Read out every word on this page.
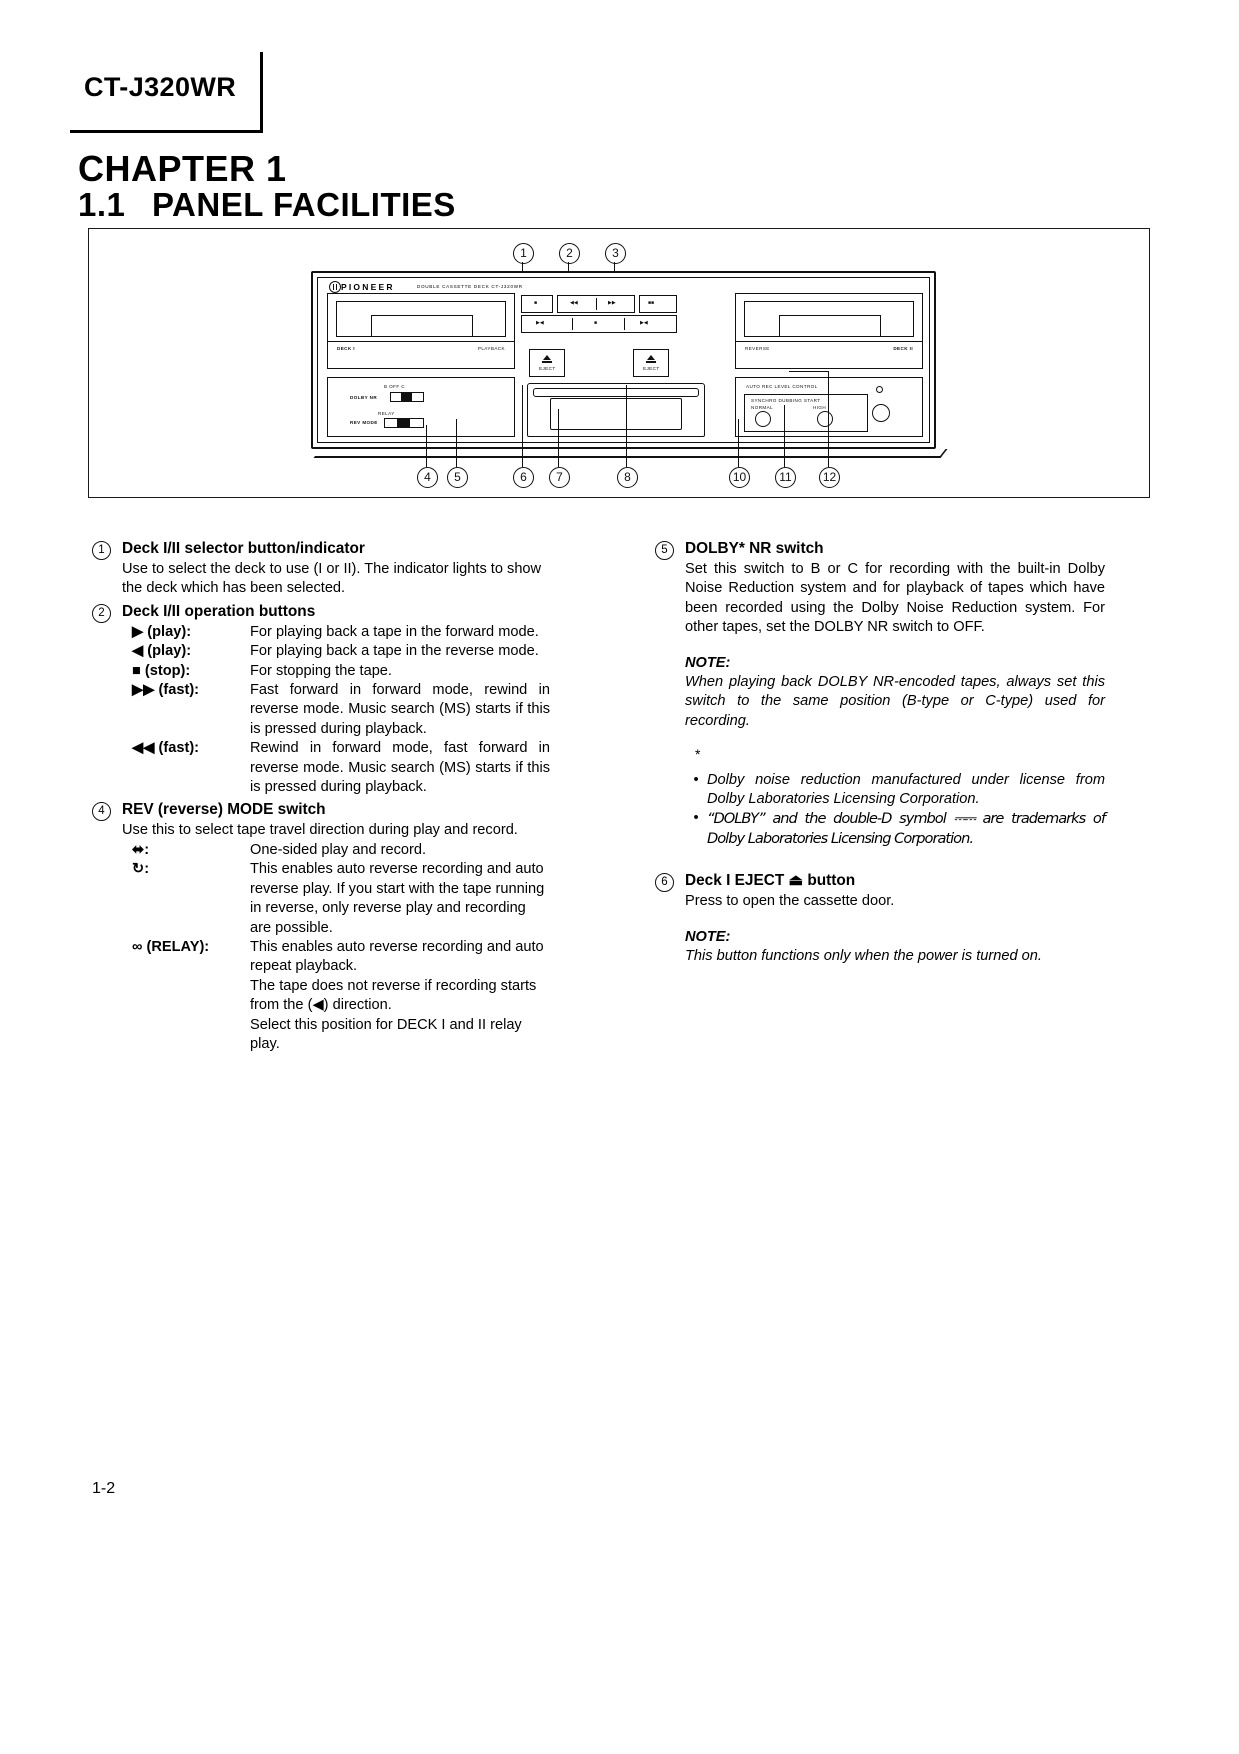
CT-J320WR
CHAPTER 1
1.1 PANEL FACILITIES
1	2	3
PIONEER	DOUBLE CASSETTE DECK CT-J320WR
DECK I	PLAYBACK	REVERSE	DECK II
■	◀◀	▶▶	■■
▶◀	■	▶◀
EJECT	EJECT
B OFF C
DOLBY NR
RELAY
REV MODE
AUTO REC LEVEL CONTROL
SYNCHRO DUBBING START
NORMAL	HIGH
4	5	6	7	8	10	11	12
1	Deck I/II selector button/indicator
Use to select the deck to use (I or II). The indicator lights to show the deck which has been selected.
2	Deck I/II operation buttons
▶ (play):	For playing back a tape in the forward mode.
◀ (play):	For playing back a tape in the reverse mode.
■ (stop):	For stopping the tape.
▶▶ (fast):	Fast forward in forward mode, rewind in reverse mode. Music search (MS) starts if this is pressed during playback.
◀◀ (fast):	Rewind in forward mode, fast forward in reverse mode. Music search (MS) starts if this is pressed during playback.
4	REV (reverse) MODE switch
Use this to select tape travel direction during play and record.
⬌:	One-sided play and record.
↻:	This enables auto reverse recording and auto reverse play. If you start with the tape running in reverse, only reverse play and recording are possible.
∞ (RELAY):	This enables auto reverse recording and auto repeat playback.
The tape does not reverse if recording starts from the (◀) direction.
Select this position for DECK I and II relay play.
5	DOLBY* NR switch
Set this switch to B or C for recording with the built-in Dolby Noise Reduction system and for playback of tapes which have been recorded using the Dolby Noise Reduction system. For other tapes, set the DOLBY NR switch to OFF.
NOTE:
When playing back DOLBY NR-encoded tapes, always set this switch to the same position (B-type or C-type) used for recording.
*
• Dolby noise reduction manufactured under license from Dolby Laboratories Licensing Corporation.
• “DOLBY” and the double-D symbol ⎓⎓ are trademarks of Dolby Laboratories Licensing Corporation.
6	Deck I EJECT ⏏ button
Press to open the cassette door.
NOTE:
This button functions only when the power is turned on.
1-2
